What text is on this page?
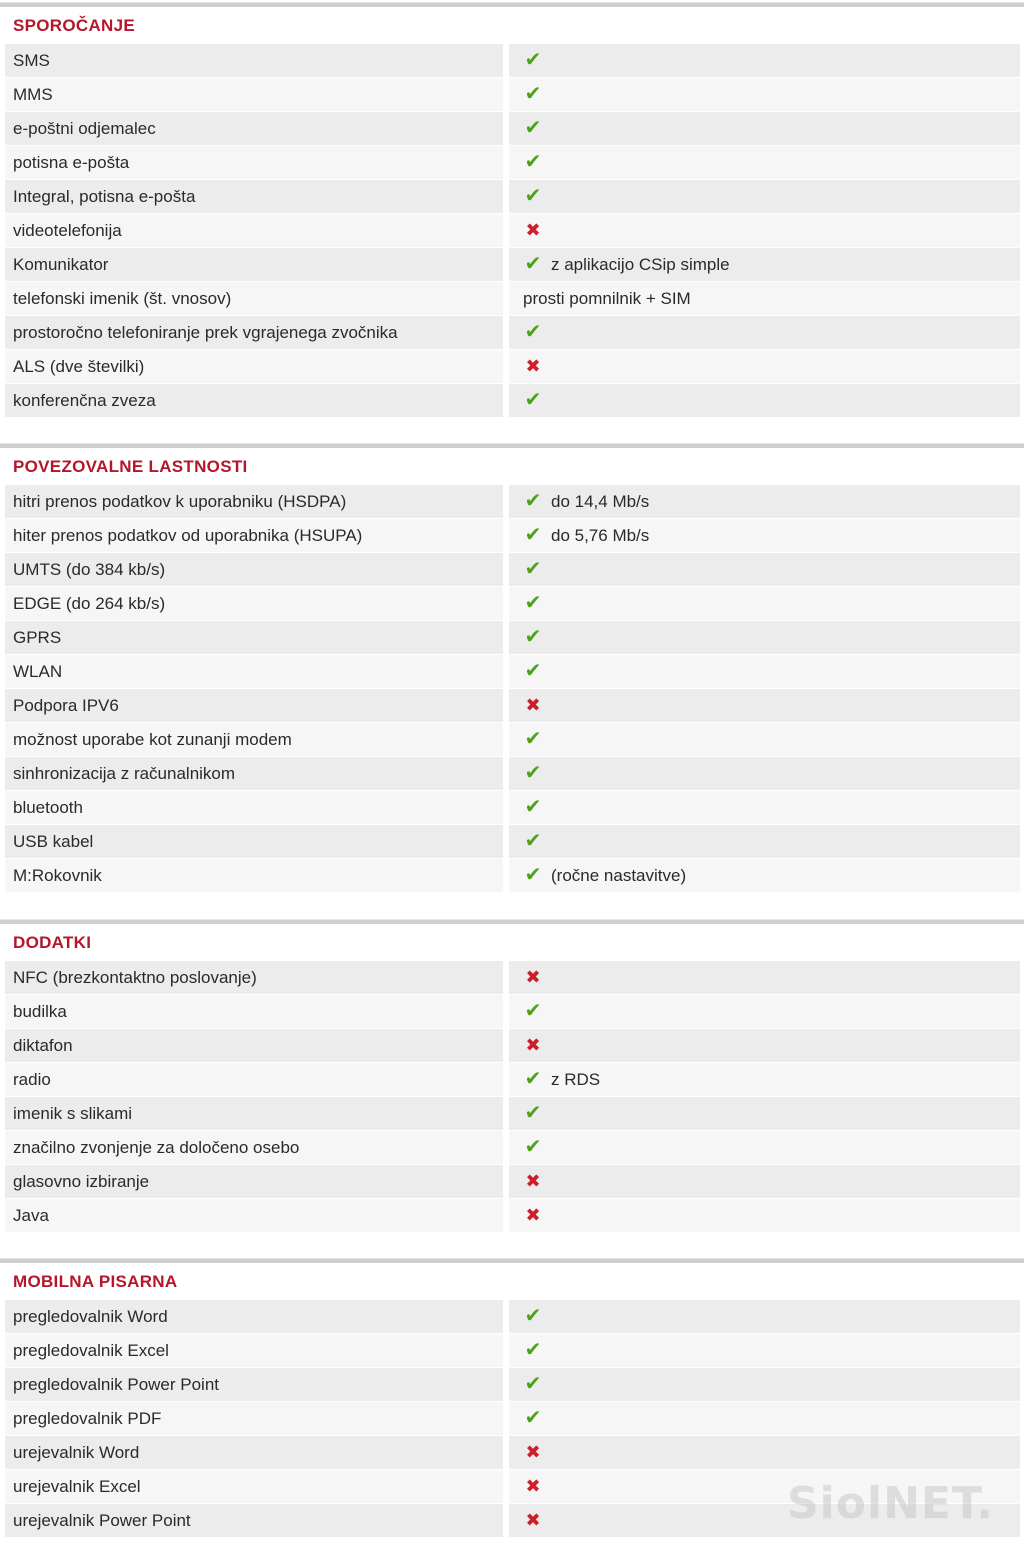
SPOROČANJE
SMS	✔
MMS	✔
e-poštni odjemalec	✔
potisna e-pošta	✔
Integral, potisna e-pošta	✔
videotelefonija	✖
Komunikator	✔ z aplikacijo CSip simple
telefonski imenik (št. vnosov)	prosti pomnilnik + SIM
prostoročno telefoniranje prek vgrajenega zvočnika	✔
ALS (dve številki)	✖
konferenčna zveza	✔
POVEZOVALNE LASTNOSTI
hitri prenos podatkov k uporabniku (HSDPA)	✔ do 14,4 Mb/s
hiter prenos podatkov od uporabnika (HSUPA)	✔ do 5,76 Mb/s
UMTS (do 384 kb/s)	✔
EDGE (do 264 kb/s)	✔
GPRS	✔
WLAN	✔
Podpora IPV6	✖
možnost uporabe kot zunanji modem	✔
sinhronizacija z računalnikom	✔
bluetooth	✔
USB kabel	✔
M:Rokovnik	✔ (ročne nastavitve)
DODATKI
NFC (brezkontaktno poslovanje)	✖
budilka	✔
diktafon	✖
radio	✔ z RDS
imenik s slikami	✔
značilno zvonjenje za določeno osebo	✔
glasovno izbiranje	✖
Java	✖
MOBILNA PISARNA
pregledovalnik Word	✔
pregledovalnik Excel	✔
pregledovalnik Power Point	✔
pregledovalnik PDF	✔
urejevalnik Word	✖
urejevalnik Excel	✖
urejevalnik Power Point	✖	SiolNET.
